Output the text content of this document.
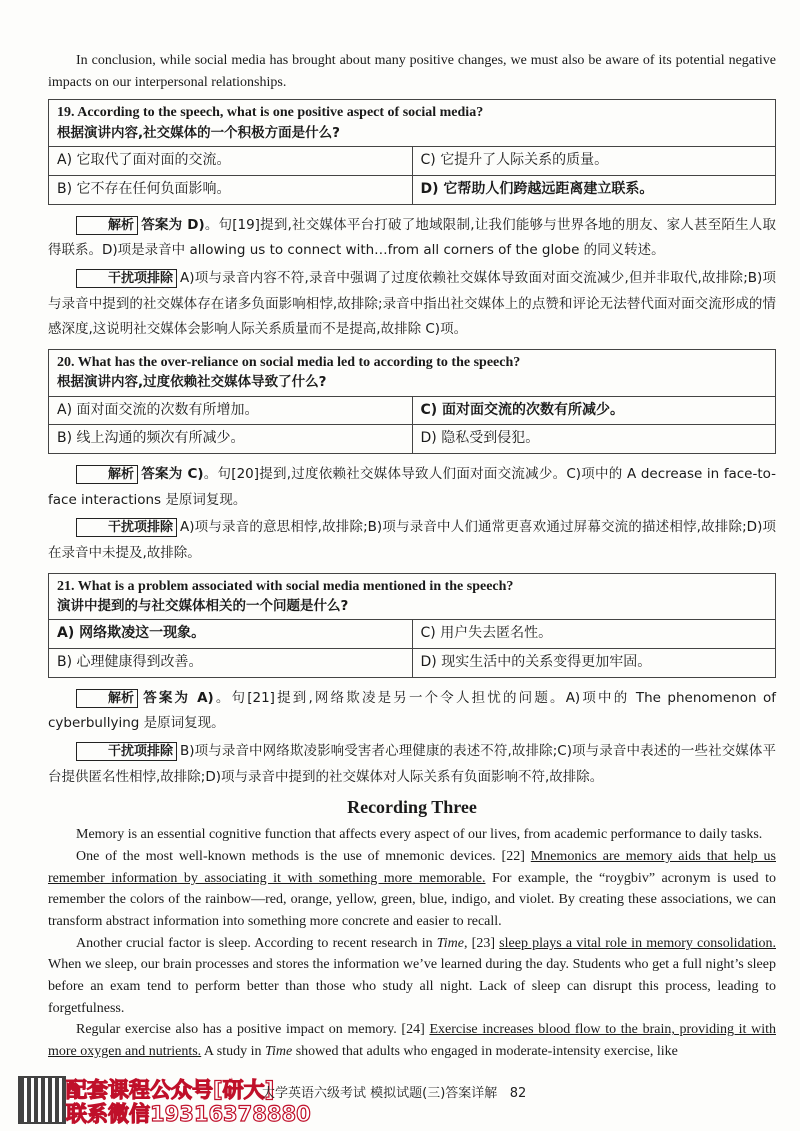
In conclusion, while social media has brought about many positive changes, we must also be aware of its potential negative impacts on our interpersonal relationships.

19. According to the speech, what is one positive aspect of social media?
根据演讲内容,社交媒体的一个积极方面是什么?	

A) 它取代了面对面的交流。	C) 它提升了人际关系的质量。
B) 它不存在任何负面影响。	D) 它帮助人们跨越远距离建立联系。

解析 答案为 D)。句[19]提到,社交媒体平台打破了地域限制,让我们能够与世界各地的朋友、家人甚至陌生人取得联系。D)项是录音中 allowing us to connect with…from all corners of the globe 的同义转述。

干扰项排除 A)项与录音内容不符,录音中强调了过度依赖社交媒体导致面对面交流减少,但并非取代,故排除;B)项与录音中提到的社交媒体存在诸多负面影响相悖,故排除;录音中指出社交媒体上的点赞和评论无法替代面对面交流形成的情感深度,这说明社交媒体会影响人际关系质量而不是提高,故排除 C)项。

20. What has the over-reliance on social media led to according to the speech?
根据演讲内容,过度依赖社交媒体导致了什么?	

A) 面对面交流的次数有所增加。	C) 面对面交流的次数有所减少。
B) 线上沟通的频次有所减少。	D) 隐私受到侵犯。

解析 答案为 C)。句[20]提到,过度依赖社交媒体导致人们面对面交流减少。C)项中的 A decrease in face-to-face interactions 是原词复现。

干扰项排除 A)项与录音的意思相悖,故排除;B)项与录音中人们通常更喜欢通过屏幕交流的描述相悖,故排除;D)项在录音中未提及,故排除。

21. What is a problem associated with social media mentioned in the speech?
演讲中提到的与社交媒体相关的一个问题是什么?	

A) 网络欺凌这一现象。	C) 用户失去匿名性。
B) 心理健康得到改善。	D) 现实生活中的关系变得更加牢固。

解析 答案为 A)。句[21]提到,网络欺凌是另一个令人担忧的问题。A)项中的 The phenomenon of cyberbullying 是原词复现。

干扰项排除 B)项与录音中网络欺凌影响受害者心理健康的表述不符,故排除;C)项与录音中表述的一些社交媒体平台提供匿名性相悖,故排除;D)项与录音中提到的社交媒体对人际关系有负面影响不符,故排除。

Recording Three

Memory is an essential cognitive function that affects every aspect of our lives, from academic performance to daily tasks.

One of the most well-known methods is the use of mnemonic devices. [22] Mnemonics are memory aids that help us remember information by associating it with something more memorable. For example, the “roygbiv” acronym is used to remember the colors of the rainbow—red, orange, yellow, green, blue, indigo, and violet. By creating these associations, we can transform abstract information into something more concrete and easier to recall.

Another crucial factor is sleep. According to recent research in Time, [23] sleep plays a vital role in memory consolidation. When we sleep, our brain processes and stores the information we’ve learned during the day. Students who get a full night’s sleep before an exam tend to perform better than those who study all night. Lack of sleep can disrupt this process, leading to forgetfulness.

Regular exercise also has a positive impact on memory. [24] Exercise increases blood flow to the brain, providing it with more oxygen and nutrients. A study in Time showed that adults who engaged in moderate-intensity exercise, like

配套课程公众号[研大]
联系微信19316378880
大学英语六级考试 模拟试题(三)答案详解 82
